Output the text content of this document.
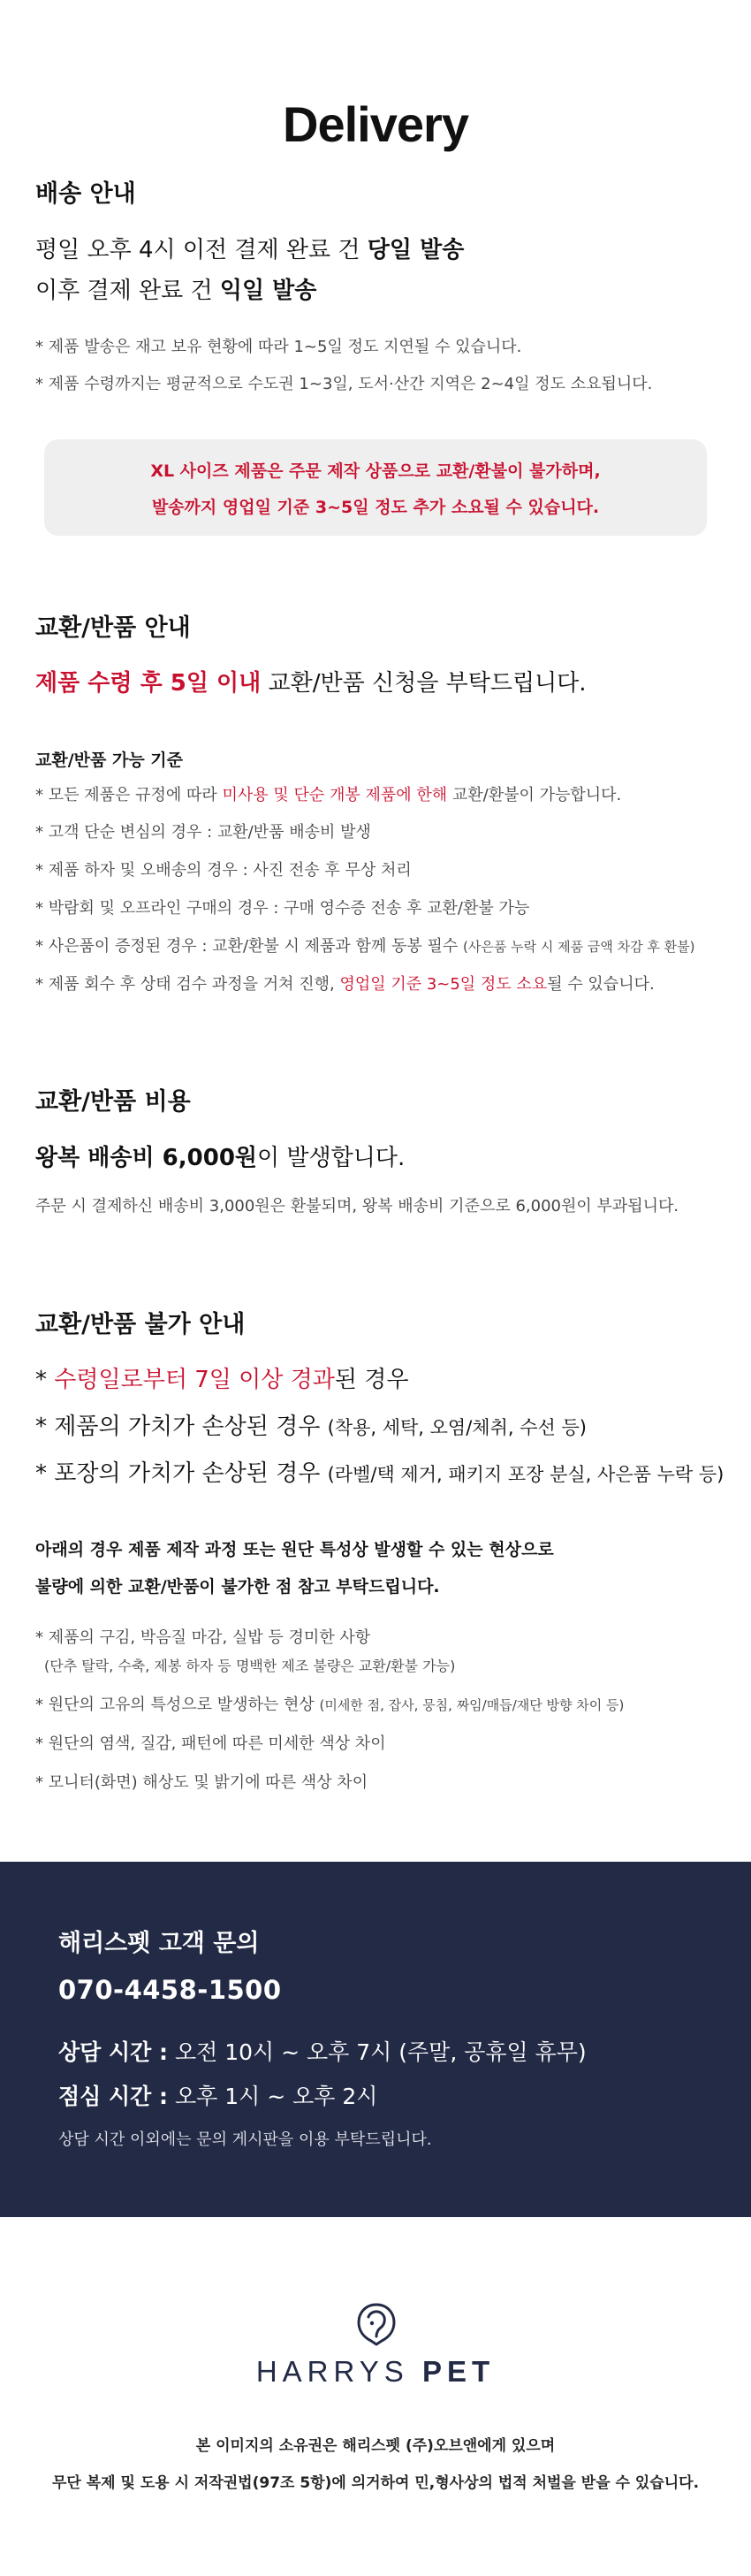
Delivery
배송 안내
평일 오후 4시 이전 결제 완료 건 당일 발송
이후 결제 완료 건 익일 발송
* 제품 발송은 재고 보유 현황에 따라 1~5일 정도 지연될 수 있습니다.
* 제품 수령까지는 평균적으로 수도권 1~3일, 도서·산간 지역은 2~4일 정도 소요됩니다.
XL 사이즈 제품은 주문 제작 상품으로 교환/환불이 불가하며,
발송까지 영업일 기준 3~5일 정도 추가 소요될 수 있습니다.
교환/반품 안내
제품 수령 후 5일 이내 교환/반품 신청을 부탁드립니다.
교환/반품 가능 기준
* 모든 제품은 규정에 따라 미사용 및 단순 개봉 제품에 한해 교환/환불이 가능합니다.
* 고객 단순 변심의 경우 : 교환/반품 배송비 발생
* 제품 하자 및 오배송의 경우 : 사진 전송 후 무상 처리
* 박람회 및 오프라인 구매의 경우 : 구매 영수증 전송 후 교환/환불 가능
* 사은품이 증정된 경우 : 교환/환불 시 제품과 함께 동봉 필수 (사은품 누락 시 제품 금액 차감 후 환불)
* 제품 회수 후 상태 검수 과정을 거쳐 진행, 영업일 기준 3~5일 정도 소요될 수 있습니다.
교환/반품 비용
왕복 배송비 6,000원이 발생합니다.
주문 시 결제하신 배송비 3,000원은 환불되며, 왕복 배송비 기준으로 6,000원이 부과됩니다.
교환/반품 불가 안내
* 수령일로부터 7일 이상 경과된 경우
* 제품의 가치가 손상된 경우 (착용, 세탁, 오염/체취, 수선 등)
* 포장의 가치가 손상된 경우 (라벨/택 제거, 패키지 포장 분실, 사은품 누락 등)
아래의 경우 제품 제작 과정 또는 원단 특성상 발생할 수 있는 현상으로
불량에 의한 교환/반품이 불가한 점 참고 부탁드립니다.
* 제품의 구김, 박음질 마감, 실밥 등 경미한 사항
(단추 탈락, 수축, 제봉 하자 등 명백한 제조 불량은 교환/환불 가능)
* 원단의 고유의 특성으로 발생하는 현상 (미세한 점, 잡사, 뭉침, 짜임/매듭/재단 방향 차이 등)
* 원단의 염색, 질감, 패턴에 따른 미세한 색상 차이
* 모니터(화면) 해상도 및 밝기에 따른 색상 차이
해리스펫 고객 문의
070-4458-1500
상담 시간 : 오전 10시 ~ 오후 7시 (주말, 공휴일 휴무)
점심 시간 : 오후 1시 ~ 오후 2시
상담 시간 이외에는 문의 게시판을 이용 부탁드립니다.
HARRYS PET
본 이미지의 소유권은 해리스펫 (주)오브앤에게 있으며
무단 복제 및 도용 시 저작권법(97조 5항)에 의거하여 민,형사상의 법적 처벌을 받을 수 있습니다.
